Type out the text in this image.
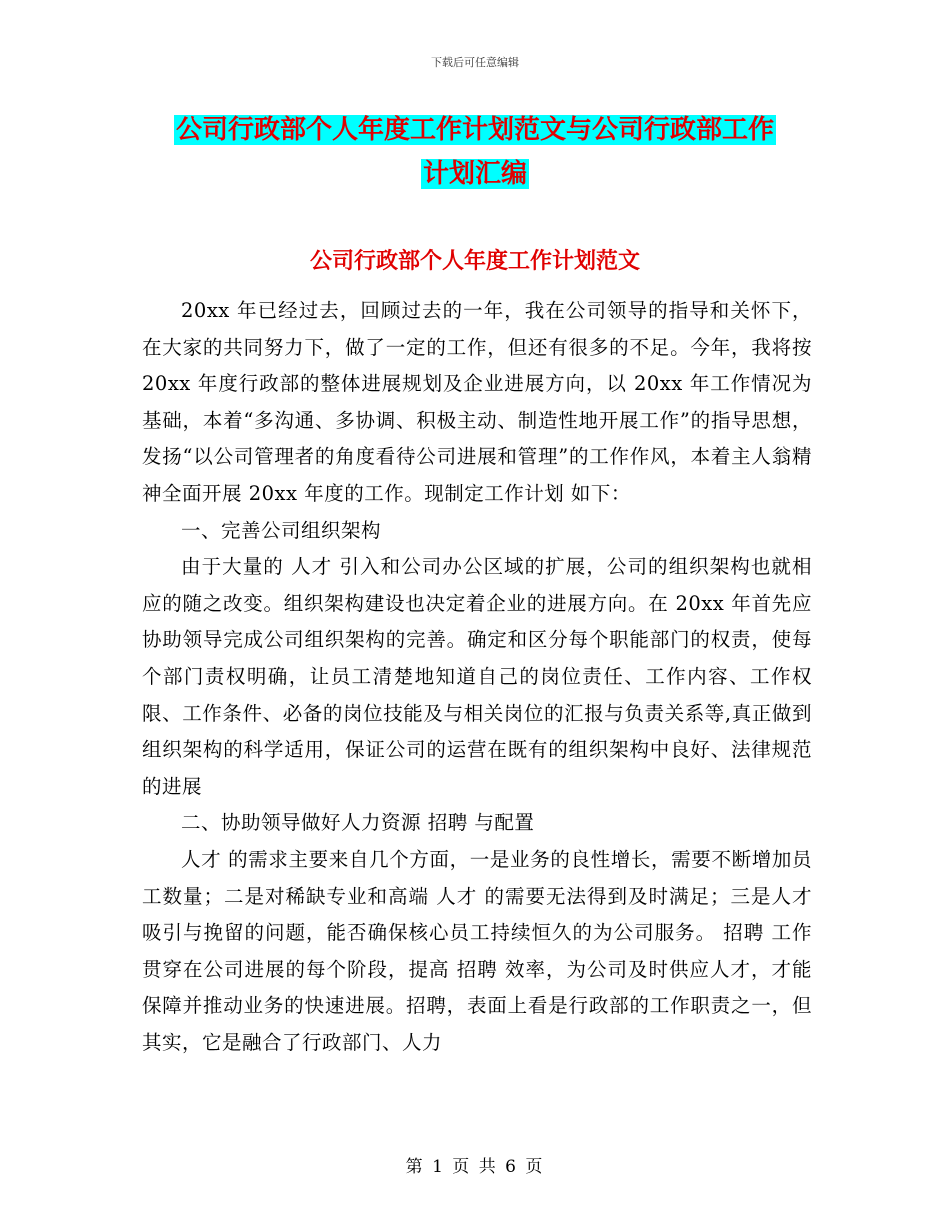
下载后可任意编辑
公司行政部个人年度工作计划范文与公司行政部工作
计划汇编
公司行政部个人年度工作计划范文

20xx 年已经过去，回顾过去的一年，我在公司领导的指导和关怀下，在大家的共同努力下，做了一定的工作，但还有很多的不足。今年，我将按 20xx 年度行政部的整体进展规划及企业进展方向，以 20xx 年工作情况为基础，本着“多沟通、多协调、积极主动、制造性地开展工作”的指导思想，发扬“以公司管理者的角度看待公司进展和管理”的工作作风，本着主人翁精神全面开展 20xx 年度的工作。现制定工作计划 如下：

一、完善公司组织架构

由于大量的 人才 引入和公司办公区域的扩展，公司的组织架构也就相应的随之改变。组织架构建设也决定着企业的进展方向。在 20xx 年首先应协助领导完成公司组织架构的完善。确定和区分每个职能部门的权责，使每个部门责权明确，让员工清楚地知道自己的岗位责任、工作内容、工作权限、工作条件、必备的岗位技能及与相关岗位的汇报与负责关系等,真正做到组织架构的科学适用，保证公司的运营在既有的组织架构中良好、法律规范的进展

二、协助领导做好人力资源 招聘 与配置

人才 的需求主要来自几个方面，一是业务的良性增长，需要不断增加员工数量；二是对稀缺专业和高端 人才 的需要无法得到及时满足；三是人才吸引与挽留的问题，能否确保核心员工持续恒久的为公司服务。 招聘 工作贯穿在公司进展的每个阶段，提高 招聘 效率，为公司及时供应人才，才能保障并推动业务的快速进展。招聘，表面上看是行政部的工作职责之一，但其实，它是融合了行政部门、人力

第 1 页 共 6 页
